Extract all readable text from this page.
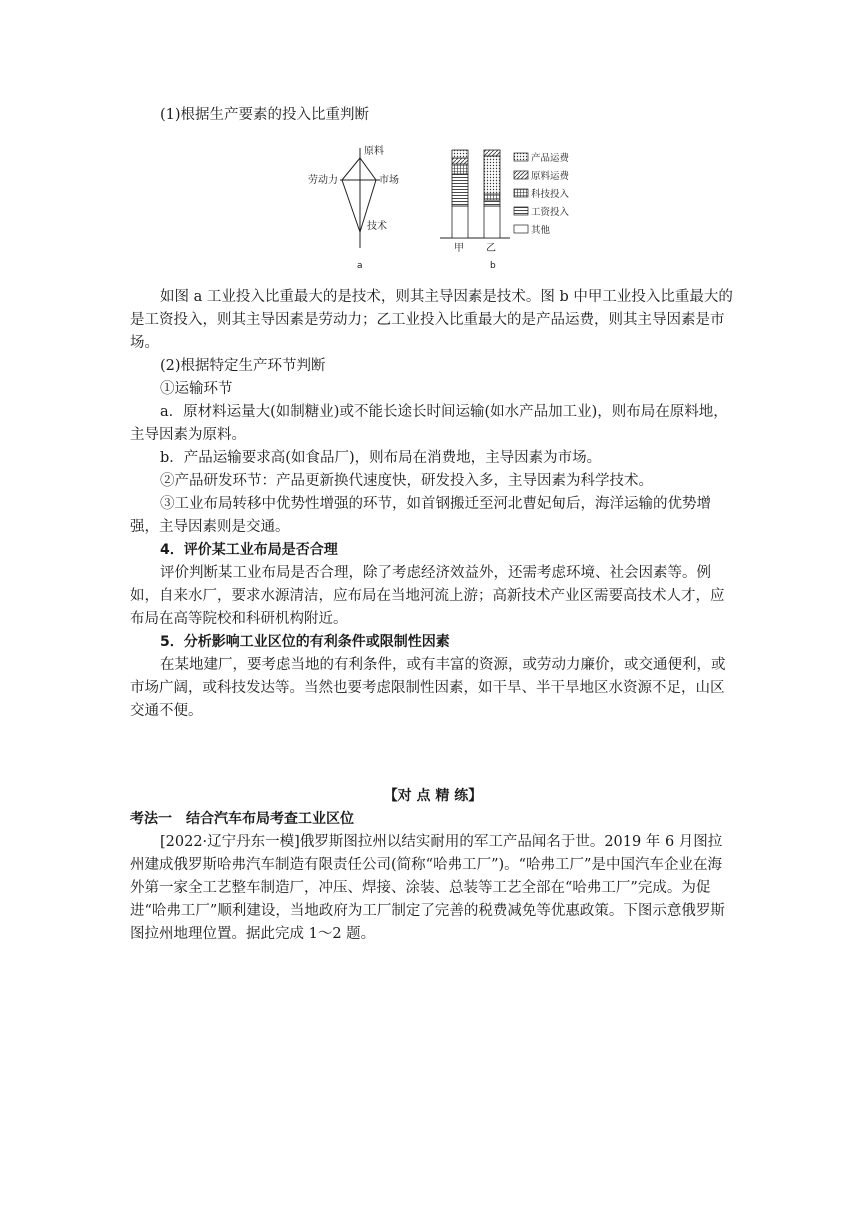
(1)根据生产要素的投入比重判断

原料
劳动力	市场
技术
a
甲 乙
b
产品运费
原料运费
科技投入
工资投入
其他

如图 a 工业投入比重最大的是技术，则其主导因素是技术。图 b 中甲工业投入比重最大的是工资投入，则其主导因素是劳动力；乙工业投入比重最大的是产品运费，则其主导因素是市场。

(2)根据特定生产环节判断

①运输环节

a．原材料运量大(如制糖业)或不能长途长时间运输(如水产品加工业)，则布局在原料地，主导因素为原料。

b．产品运输要求高(如食品厂)，则布局在消费地，主导因素为市场。

②产品研发环节：产品更新换代速度快，研发投入多，主导因素为科学技术。

③工业布局转移中优势性增强的环节，如首钢搬迁至河北曹妃甸后，海洋运输的优势增强，主导因素则是交通。

4．评价某工业布局是否合理

评价判断某工业布局是否合理，除了考虑经济效益外，还需考虑环境、社会因素等。例如，自来水厂，要求水源清洁，应布局在当地河流上游；高新技术产业区需要高技术人才，应布局在高等院校和科研机构附近。

5．分析影响工业区位的有利条件或限制性因素

在某地建厂，要考虑当地的有利条件，或有丰富的资源，或劳动力廉价，或交通便利，或市场广阔，或科技发达等。当然也要考虑限制性因素，如干旱、半干旱地区水资源不足，山区交通不便。

【对 点 精 练】

考法一　结合汽车布局考查工业区位

[2022·辽宁丹东一模]俄罗斯图拉州以结实耐用的军工产品闻名于世。2019 年 6 月图拉州建成俄罗斯哈弗汽车制造有限责任公司(简称“哈弗工厂”)。“哈弗工厂”是中国汽车企业在海外第一家全工艺整车制造厂，冲压、焊接、涂装、总装等工艺全部在“哈弗工厂”完成。为促进“哈弗工厂”顺利建设，当地政府为工厂制定了完善的税费减免等优惠政策。下图示意俄罗斯图拉州地理位置。据此完成 1～2 题。
